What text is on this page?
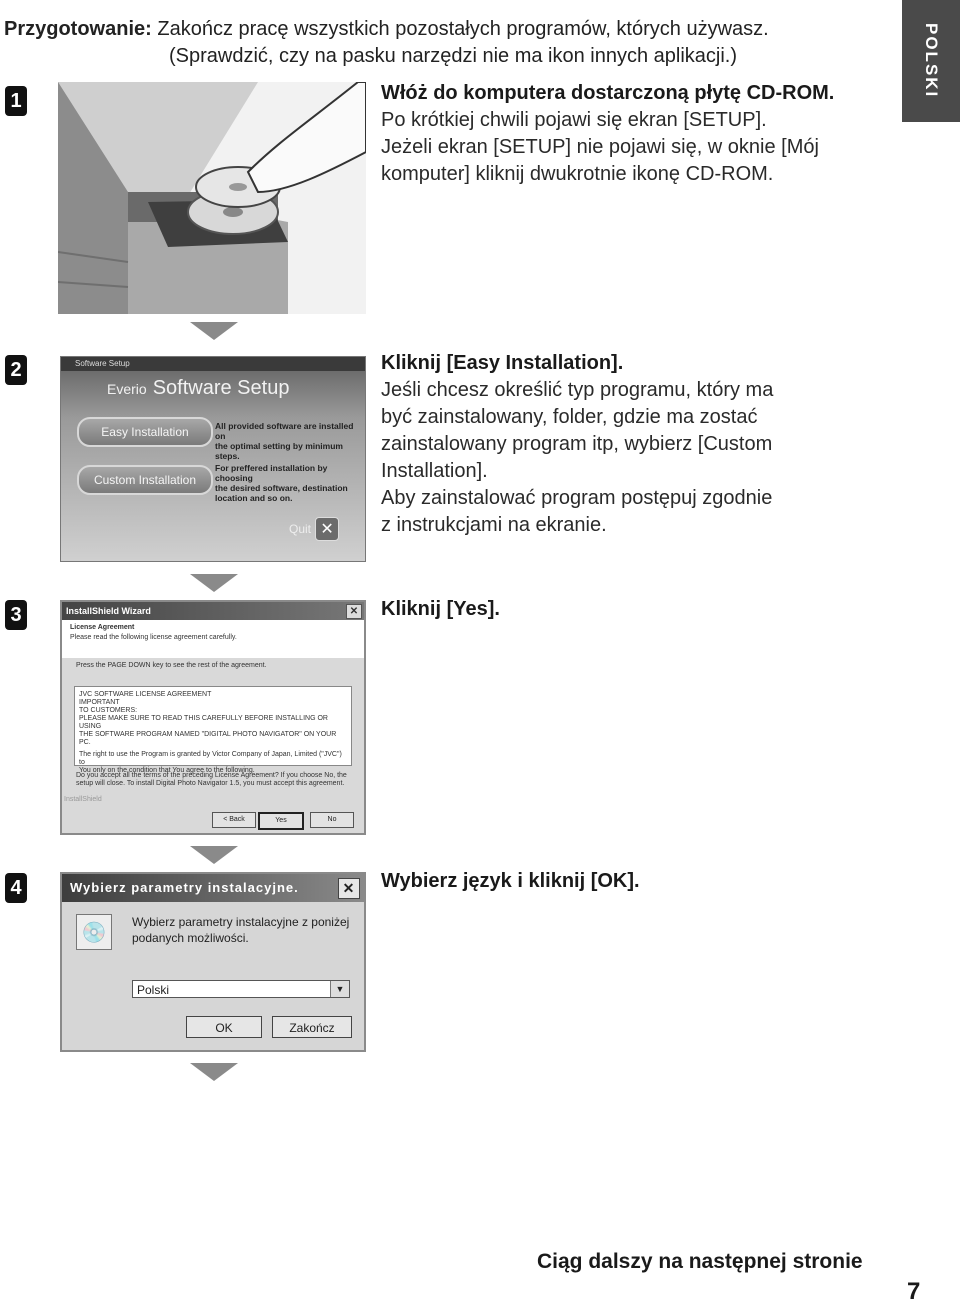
Przygotowanie: Zakończ pracę wszystkich pozostałych programów, których używasz.
(Sprawdzić, czy na pasku narzędzi nie ma ikon innych aplikacji.)	POLSKI
1	Włóż do komputera dostarczoną płytę CD-ROM.
Po krótkiej chwili pojawi się ekran [SETUP].
Jeżeli ekran [SETUP] nie pojawi się, w oknie [Mój
komputer] kliknij dwukrotnie ikonę CD-ROM.
2	Software Setup
Everio Software Setup
Easy Installation	All provided software are installed on
the optimal setting by minimum steps.
Custom Installation
For preffered installation by choosing
the desired software, destination
location and so on.
Quit ✕
Kliknij [Easy Installation].
Jeśli chcesz określić typ programu, który ma
być zainstalowany, folder, gdzie ma zostać
zainstalowany program itp, wybierz [Custom
Installation].
Aby zainstalować program postępuj zgodnie
z instrukcjami na ekranie.
3	InstallShield Wizard	✕
License Agreement
Please read the following license agreement carefully.
Press the PAGE DOWN key to see the rest of the agreement.
JVC SOFTWARE LICENSE AGREEMENT
IMPORTANT
TO CUSTOMERS:
PLEASE MAKE SURE TO READ THIS CAREFULLY BEFORE INSTALLING OR USING
THE SOFTWARE PROGRAM NAMED "DIGITAL PHOTO NAVIGATOR" ON YOUR PC.
The right to use the Program is granted by Victor Company of Japan, Limited ("JVC") to
You only on the condition that You agree to the following.
Do you accept all the terms of the preceding License Agreement? If you choose No, the
setup will close. To install Digital Photo Navigator 1.5, you must accept this agreement.
InstallShield
< Back	Yes	No
Kliknij [Yes].
4	Wybierz parametry instalacyjne.	✕
💿	Wybierz parametry instalacyjne z poniżej
podanych możliwości.
Polski	▼
OK	Zakończ
Wybierz język i kliknij [OK].
Ciąg dalszy na następnej stronie
7
